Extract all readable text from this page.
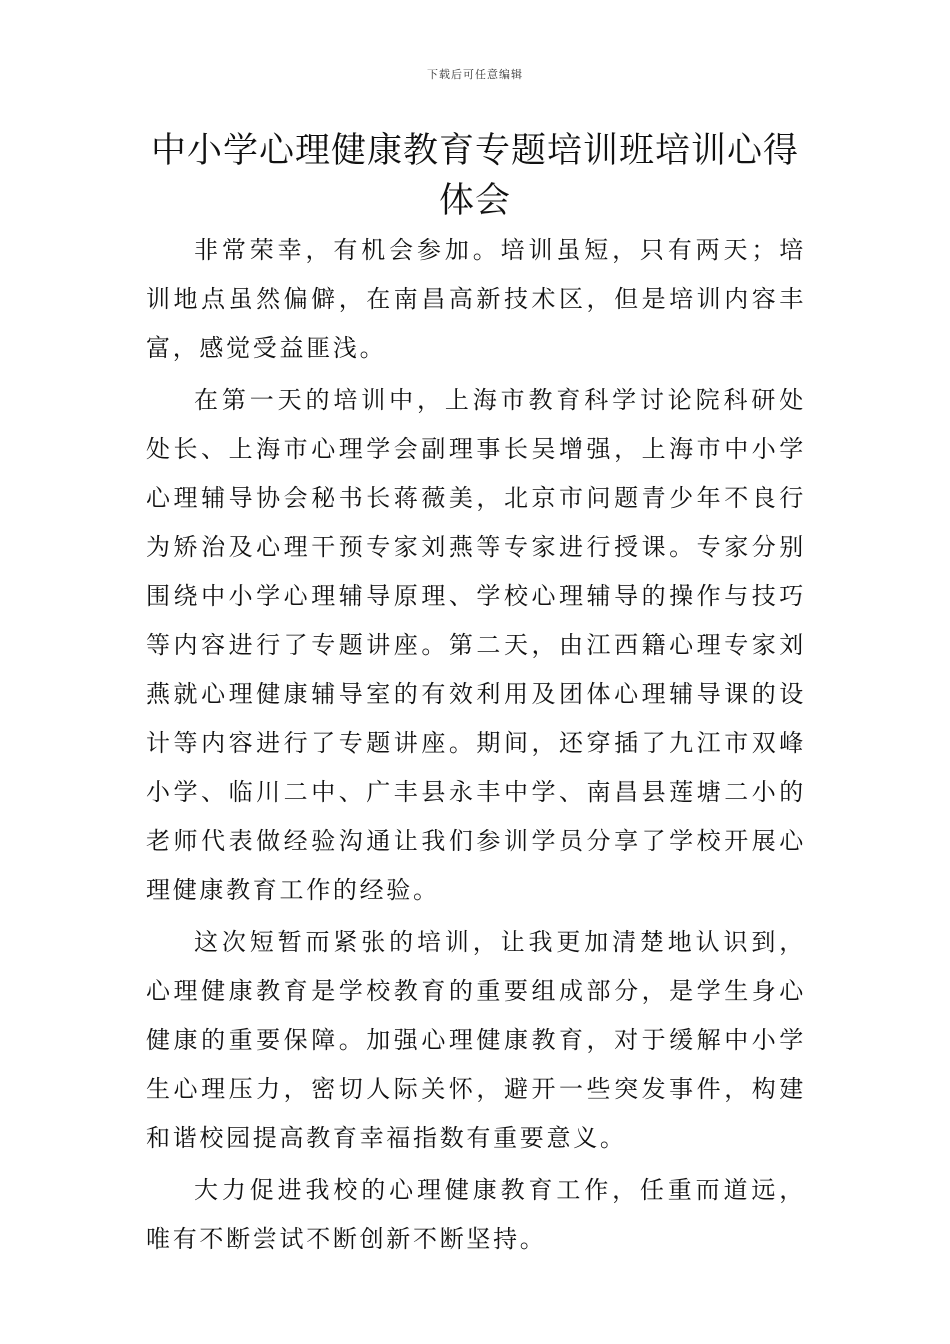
下载后可任意编辑
中小学心理健康教育专题培训班培训心得体会

非常荣幸，有机会参加。培训虽短，只有两天；培训地点虽然偏僻，在南昌高新技术区，但是培训内容丰富，感觉受益匪浅。

在第一天的培训中，上海市教育科学讨论院科研处处长、上海市心理学会副理事长吴增强，上海市中小学心理辅导协会秘书长蒋薇美，北京市问题青少年不良行为矫治及心理干预专家刘燕等专家进行授课。专家分别围绕中小学心理辅导原理、学校心理辅导的操作与技巧等内容进行了专题讲座。第二天，由江西籍心理专家刘燕就心理健康辅导室的有效利用及团体心理辅导课的设计等内容进行了专题讲座。期间，还穿插了九江市双峰小学、临川二中、广丰县永丰中学、南昌县莲塘二小的老师代表做经验沟通让我们参训学员分享了学校开展心理健康教育工作的经验。

这次短暂而紧张的培训，让我更加清楚地认识到，心理健康教育是学校教育的重要组成部分，是学生身心健康的重要保障。加强心理健康教育，对于缓解中小学生心理压力，密切人际关怀，避开一些突发事件，构建和谐校园提高教育幸福指数有重要意义。

大力促进我校的心理健康教育工作，任重而道远，唯有不断尝试不断创新不断坚持。
